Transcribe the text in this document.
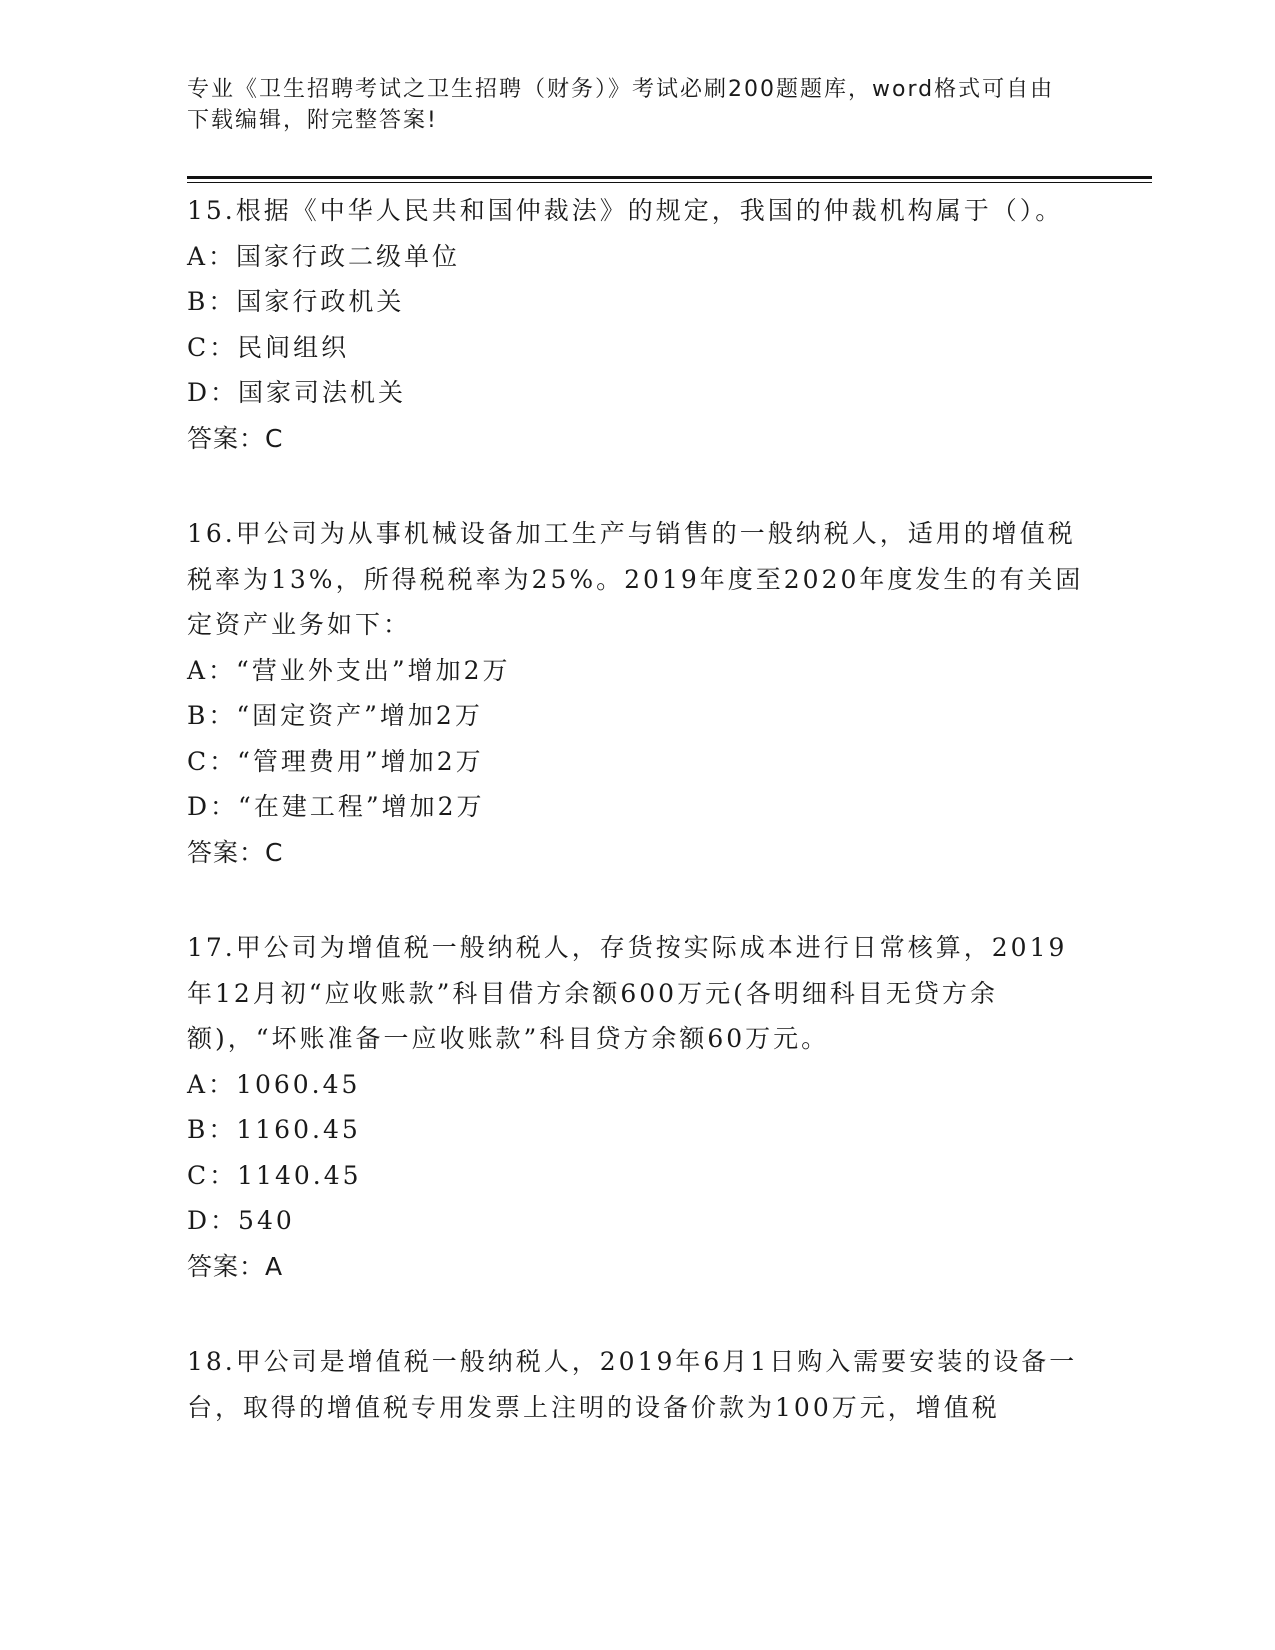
专业《卫生招聘考试之卫生招聘（财务）》考试必刷200题题库，word格式可自由下载编辑，附完整答案!

15.根据《中华人民共和国仲裁法》的规定，我国的仲裁机构属于（）。

A：国家行政二级单位
B：国家行政机关
C：民间组织
D：国家司法机关

答案：C

16.甲公司为从事机械设备加工生产与销售的一般纳税人，适用的增值税税率为13%，所得税税率为25%。2019年度至2020年度发生的有关固定资产业务如下：

A：“营业外支出”增加2万
B：“固定资产”增加2万
C：“管理费用”增加2万
D：“在建工程”增加2万

答案：C

17.甲公司为增值税一般纳税人，存货按实际成本进行日常核算，2019年12月初“应收账款”科目借方余额600万元(各明细科目无贷方余额)，“坏账准备一应收账款”科目贷方余额60万元。

A：1060.45
B：1160.45
C：1140.45
D：540

答案：A

18.甲公司是增值税一般纳税人，2019年6月1日购入需要安装的设备一台，取得的增值税专用发票上注明的设备价款为100万元，增值税
